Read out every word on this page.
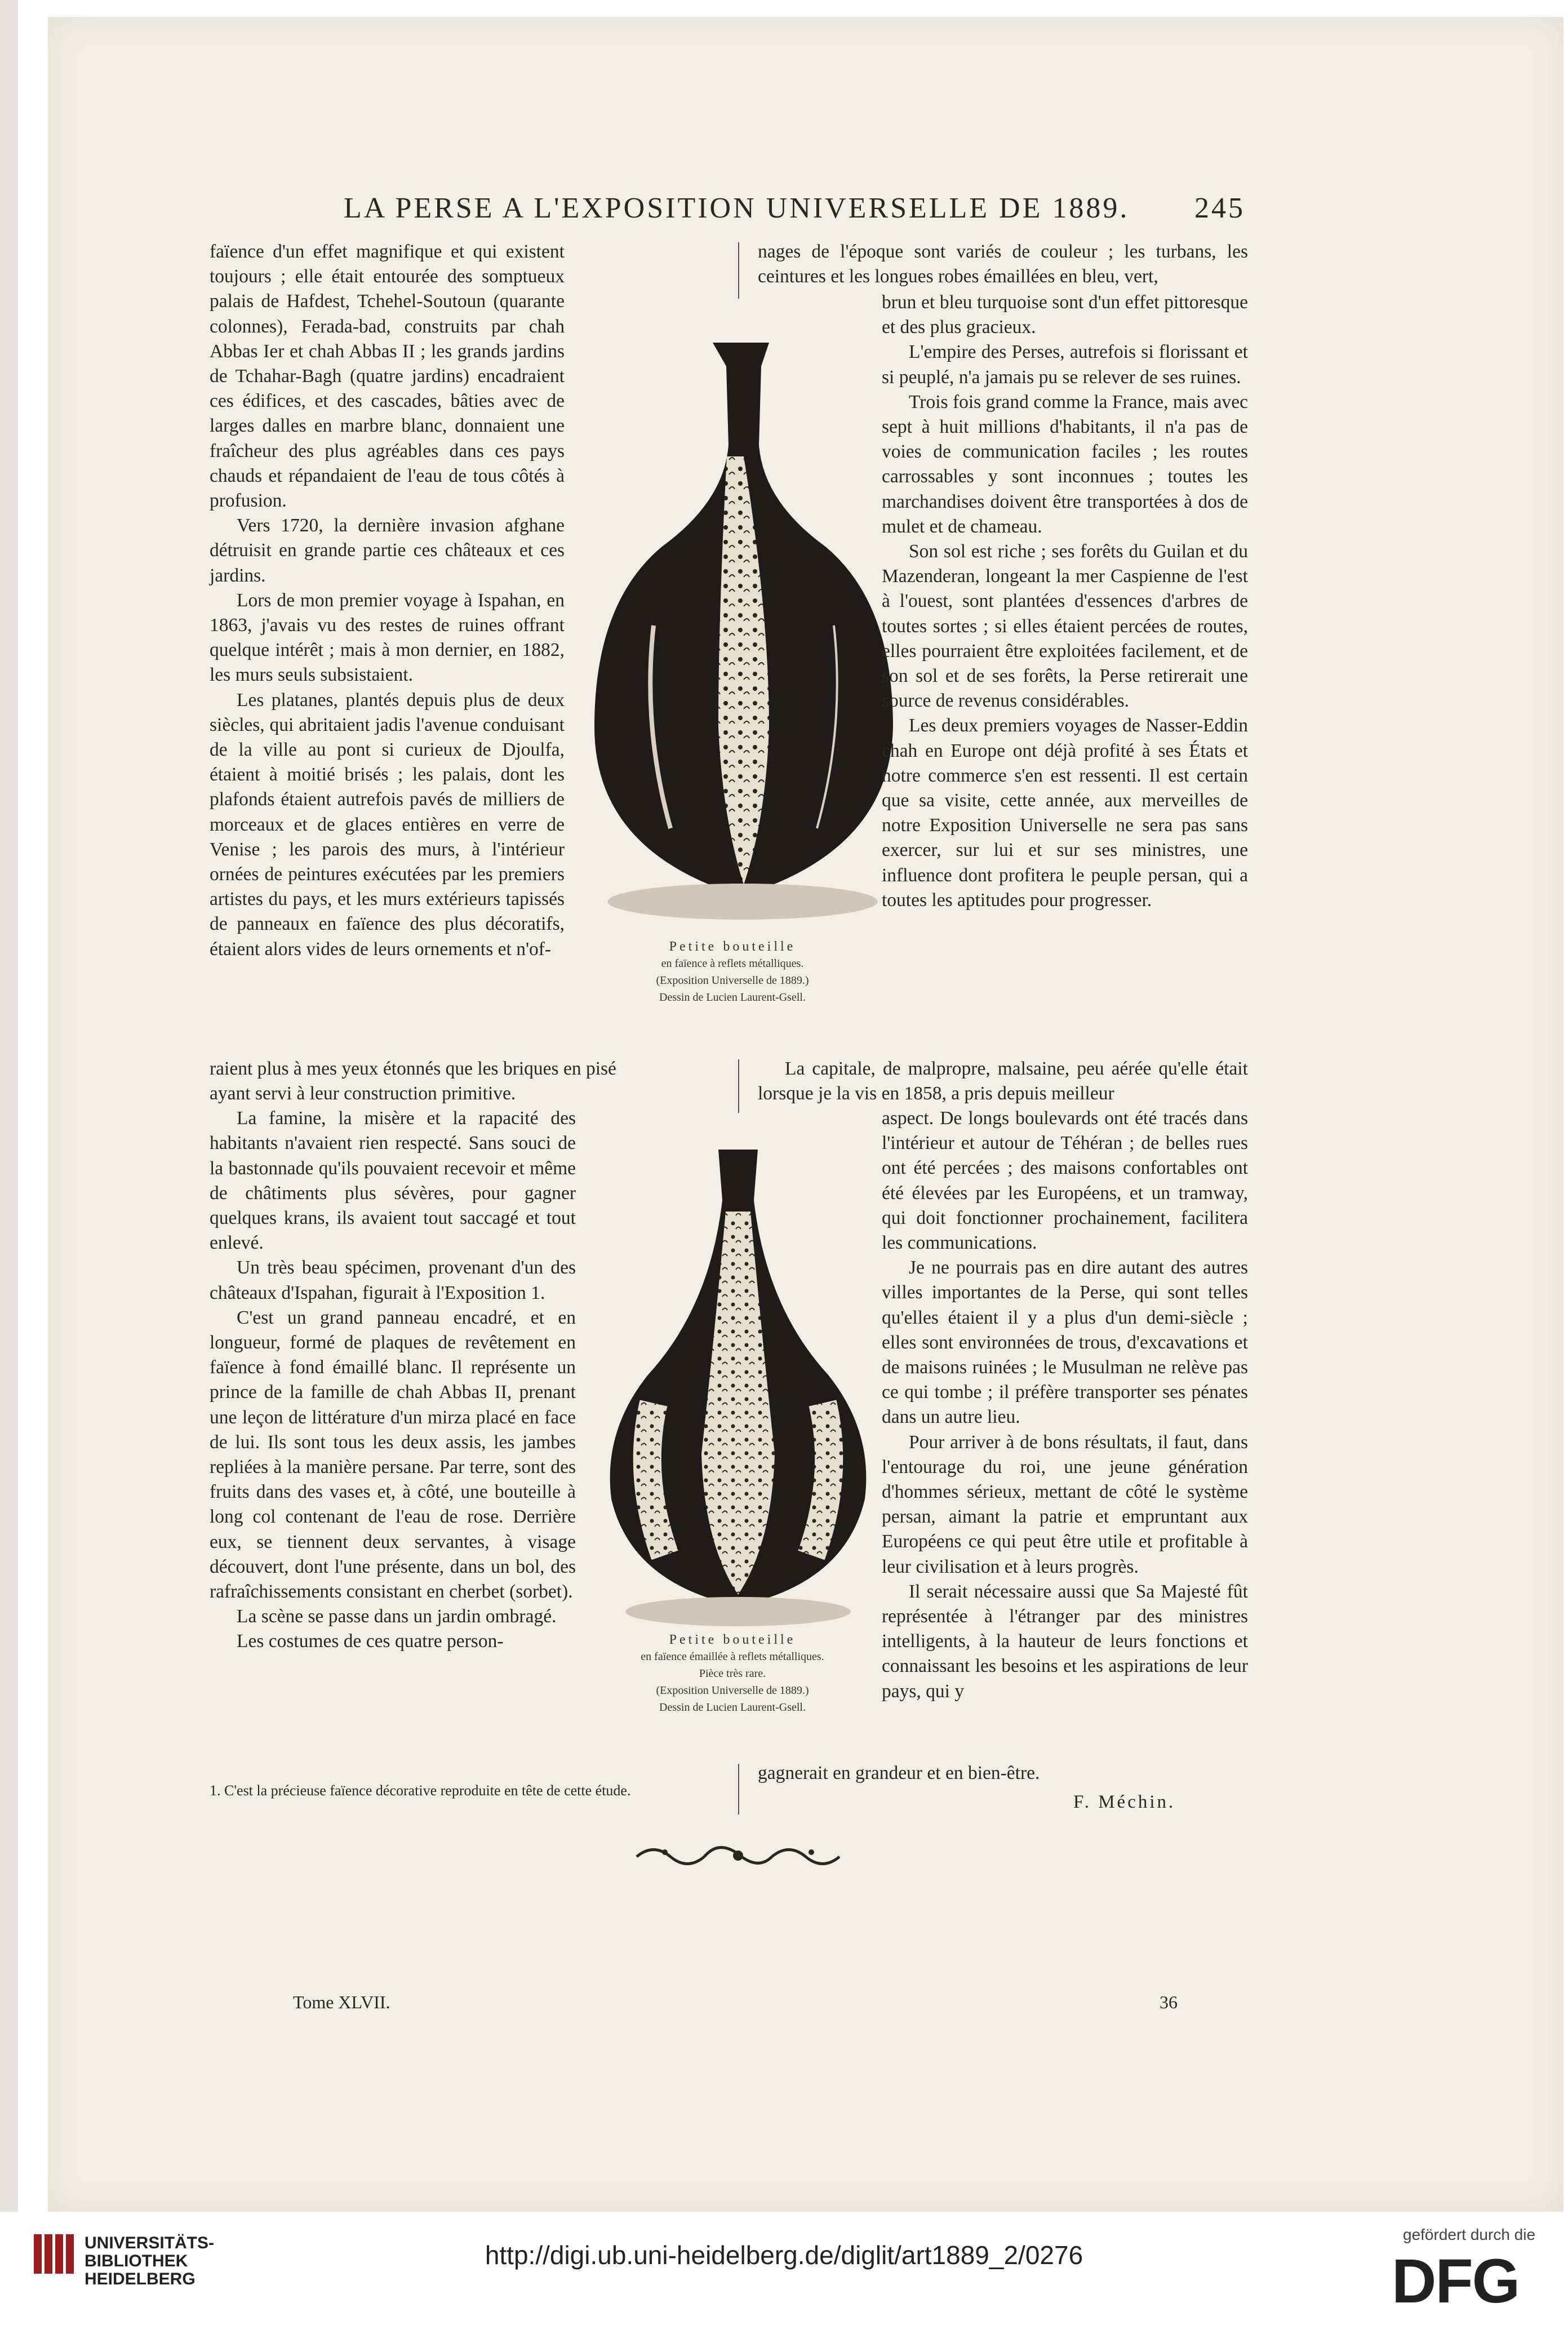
LA PERSE A L'EXPOSITION UNIVERSELLE DE 1889. 245

nages de l'époque sont variés de couleur ; les turbans, les ceintures et les longues robes émaillées en bleu, vert,

faïence d'un effet magnifique et qui existent toujours ; elle était entourée des somptueux palais de Hafdest, Tchehel-Soutoun (quarante colonnes), Ferada-bad, construits par chah Abbas Ier et chah Abbas II ; les grands jardins de Tchahar-Bagh (quatre jardins) encadraient ces édifices, et des cascades, bâties avec de larges dalles en marbre blanc, donnaient une fraîcheur des plus agréables dans ces pays chauds et répandaient de l'eau de tous côtés à profusion.

Vers 1720, la dernière invasion afghane détruisit en grande partie ces châteaux et ces jardins.

Lors de mon premier voyage à Ispahan, en 1863, j'avais vu des restes de ruines offrant quelque intérêt ; mais à mon dernier, en 1882, les murs seuls subsistaient.

Les platanes, plantés depuis plus de deux siècles, qui abritaient jadis l'avenue conduisant de la ville au pont si curieux de Djoulfa, étaient à moitié brisés ; les palais, dont les plafonds étaient autrefois pavés de milliers de morceaux et de glaces entières en verre de Venise ; les parois des murs, à l'intérieur ornées de peintures exécutées par les premiers artistes du pays, et les murs extérieurs tapissés de panneaux en faïence des plus décoratifs, étaient alors vides de leurs ornements et n'of-	Petite bouteille
en faïence à reflets métalliques.
(Exposition Universelle de 1889.)
Dessin de Lucien Laurent-Gsell.

brun et bleu turquoise sont d'un effet pittoresque et des plus gracieux.

L'empire des Perses, autrefois si florissant et si peuplé, n'a jamais pu se relever de ses ruines.

Trois fois grand comme la France, mais avec sept à huit millions d'habitants, il n'a pas de voies de communication faciles ; les routes carrossables y sont inconnues ; toutes les marchandises doivent être transportées à dos de mulet et de chameau.

Son sol est riche ; ses forêts du Guilan et du Mazenderan, longeant la mer Caspienne de l'est à l'ouest, sont plantées d'essences d'arbres de toutes sortes ; si elles étaient percées de routes, elles pourraient être exploitées facilement, et de son sol et de ses forêts, la Perse retirerait une source de revenus considérables.

Les deux premiers voyages de Nasser-Eddin chah en Europe ont déjà profité à ses États et notre commerce s'en est ressenti. Il est certain que sa visite, cette année, aux merveilles de notre Exposition Universelle ne sera pas sans exercer, sur lui et sur ses ministres, une influence dont profitera le peuple persan, qui a toutes les aptitudes pour progresser.

raient plus à mes yeux étonnés que les briques en pisé	La capitale, de malpropre, malsaine, peu aérée qu'elle était lorsque je la vis en 1858, a pris depuis meilleur

ayant servi à leur construction primitive.

La famine, la misère et la rapacité des habitants n'avaient rien respecté. Sans souci de la bastonnade qu'ils pouvaient recevoir et même de châtiments plus sévères, pour gagner quelques krans, ils avaient tout saccagé et tout enlevé.

Un très beau spécimen, provenant d'un des châteaux d'Ispahan, figurait à l'Exposition 1.

C'est un grand panneau encadré, et en longueur, formé de plaques de revêtement en faïence à fond émaillé blanc. Il représente un prince de la famille de chah Abbas II, prenant une leçon de littérature d'un mirza placé en face de lui. Ils sont tous les deux assis, les jambes repliées à la manière persane. Par terre, sont des fruits dans des vases et, à côté, une bouteille à long col contenant de l'eau de rose. Derrière eux, se tiennent deux servantes, à visage découvert, dont l'une présente, dans un bol, des rafraîchissements consistant en cherbet (sorbet).

La scène se passe dans un jardin ombragé.

Les costumes de ces quatre person-	Petite bouteille
en faïence émaillée à reflets métalliques.
Pièce très rare.
(Exposition Universelle de 1889.)
Dessin de Lucien Laurent-Gsell.

aspect. De longs boulevards ont été tracés dans l'intérieur et autour de Téhéran ; de belles rues ont été percées ; des maisons confortables ont été élevées par les Européens, et un tramway, qui doit fonctionner prochainement, facilitera les communications.

Je ne pourrais pas en dire autant des autres villes importantes de la Perse, qui sont telles qu'elles étaient il y a plus d'un demi-siècle ; elles sont environnées de trous, d'excavations et de maisons ruinées ; le Musulman ne relève pas ce qui tombe ; il préfère transporter ses pénates dans un autre lieu.

Pour arriver à de bons résultats, il faut, dans l'entourage du roi, une jeune génération d'hommes sérieux, mettant de côté le système persan, aimant la patrie et empruntant aux Européens ce qui peut être utile et profitable à leur civilisation et à leurs progrès.

Il serait nécessaire aussi que Sa Majesté fût représentée à l'étranger par des ministres intelligents, à la hauteur de leurs fonctions et connaissant les besoins et les aspirations de leur pays, qui y

gagnerait en grandeur et en bien-être.

1. C'est la précieuse faïence décorative reproduite en tête de cette étude.
F. Méchin.
Tome XLVII.	36
UNIVERSITÄTS-
BIBLIOTHEK
HEIDELBERG
http://digi.ub.uni-heidelberg.de/diglit/art1889_2/0276
gefördert durch die
DFG
